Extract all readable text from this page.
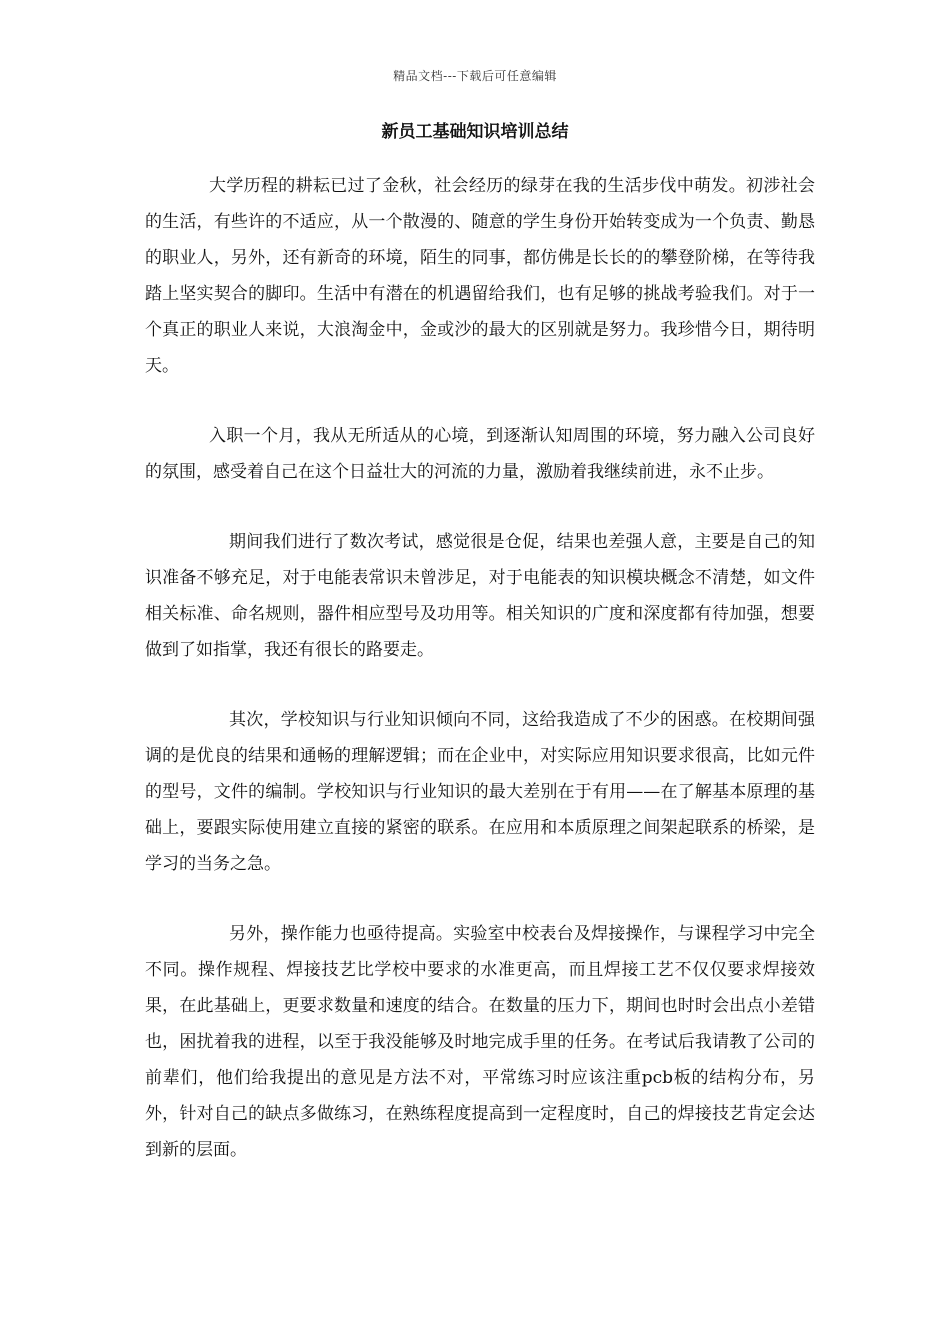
精品文档---下载后可任意编辑
新员工基础知识培训总结

大学历程的耕耘已过了金秋，社会经历的绿芽在我的生活步伐中萌发。初涉社会的生活，有些许的不适应，从一个散漫的、随意的学生身份开始转变成为一个负责、勤恳的职业人，另外，还有新奇的环境，陌生的同事，都仿佛是长长的的攀登阶梯，在等待我踏上坚实契合的脚印。生活中有潜在的机遇留给我们，也有足够的挑战考验我们。对于一个真正的职业人来说，大浪淘金中，金或沙的最大的区别就是努力。我珍惜今日，期待明天。

入职一个月，我从无所适从的心境，到逐渐认知周围的环境，努力融入公司良好的氛围，感受着自己在这个日益壮大的河流的力量，激励着我继续前进，永不止步。

期间我们进行了数次考试，感觉很是仓促，结果也差强人意，主要是自己的知识准备不够充足，对于电能表常识未曾涉足，对于电能表的知识模块概念不清楚，如文件相关标准、命名规则，器件相应型号及功用等。相关知识的广度和深度都有待加强，想要做到了如指掌，我还有很长的路要走。

其次，学校知识与行业知识倾向不同，这给我造成了不少的困惑。在校期间强调的是优良的结果和通畅的理解逻辑；而在企业中，对实际应用知识要求很高，比如元件的型号，文件的编制。学校知识与行业知识的最大差别在于有用——在了解基本原理的基础上，要跟实际使用建立直接的紧密的联系。在应用和本质原理之间架起联系的桥梁，是学习的当务之急。

另外，操作能力也亟待提高。实验室中校表台及焊接操作，与课程学习中完全不同。操作规程、焊接技艺比学校中要求的水准更高，而且焊接工艺不仅仅要求焊接效果，在此基础上，更要求数量和速度的结合。在数量的压力下，期间也时时会出点小差错也，困扰着我的进程，以至于我没能够及时地完成手里的任务。在考试后我请教了公司的前辈们，他们给我提出的意见是方法不对，平常练习时应该注重pcb板的结构分布，另外，针对自己的缺点多做练习，在熟练程度提高到一定程度时，自己的焊接技艺肯定会达到新的层面。
